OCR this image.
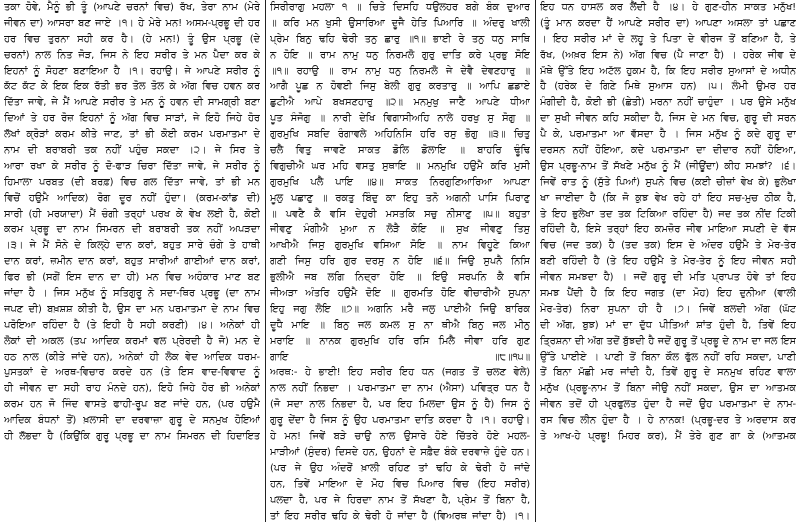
ਤਕਾ ਹੋਵੇ, ਮੈਨੂੰ ਭੀ ਤੂੰ (ਆਪਣੇ ਚਰਨਾਂ ਵਿਚ) ਰੱਖ, ਤੇਰਾ ਨਾਮ (ਮੇਰੇ
ਜੀਵਨ ਦਾ) ਆਸਰਾ ਬਣ ਜਾਏ ।੧। ਹੇ ਮੇਰੇ ਮਨ! ਅਸਮ-ਪ੍ਰਭੂ ਦੀ ਹਰ
ਹਰ ਵਿਚ ਤੁਰਨਾ ਸਹੀ ਕਰ ਹੈ। (ਹੇ ਮਨ!) ਤੂੰ ਉਸ ਪ੍ਰਭੂ (ਦੇ
ਚਰਨਾਂ) ਨਾਲ ਨਿਤ ਜੋੜ, ਜਿਸ ਨੇ ਇਹ ਸਰੀਰ ਤੇ ਮਨ ਪੈਦਾ ਕਰ ਕੇ
ਇਹਨਾਂ ਨੂੰ ਸੋਹਣਾ ਬਣਾਇਆ ਹੈ ।੧। ਰਹਾਉ। ਜੇ ਆਪਣੇ ਸਰੀਰ ਨੂੰ
ਕੱਟ ਕੱਟ ਕੇ ਇਕ ਇਕ ਰੱਤੀ ਭਰ ਤੋਲ ਤੋਲ ਕੇ ਅੱਗ ਵਿਚ ਹਵਨ ਕਰ
ਦਿੱਤਾ ਜਾਵੇ, ਜੇ ਮੈਂ ਆਪਣੇ ਸਰੀਰ ਤੇ ਮਨ ਨੂੰ ਹਵਨ ਦੀ ਸਾਮਗ੍ਰੀ ਬਣਾ
ਦਿਆਂ ਤੇ ਹਰ ਰੋਜ਼ ਇਹਨਾਂ ਨੂੰ ਅੱਗ ਵਿਚ ਸਾੜਾਂ, ਜੇ ਇਹੋ ਜਿਹੇ ਹੋਰ
ਲੱਖਾਂ ਕ੍ਰੋੜਾਂ ਕਰਮ ਕੀਤੇ ਜਾਣ, ਤਾਂ ਭੀ ਕੋਈ ਕਰਮ ਪਰਮਾਤਮਾ ਦੇ
ਨਾਮ ਦੀ ਬਰਾਬਰੀ ਤਕ ਨਹੀਂ ਪਹੁੰਚ ਸਕਦਾ ।੨। ਜੇ ਸਿਰ ਤੇ
ਆਰਾ ਰਖਾ ਕੇ ਸਰੀਰ ਨੂੰ ਦੋ-ਫਾੜ ਚਿਰਾ ਦਿੱਤਾ ਜਾਵੇ, ਜੇ ਸਰੀਰ ਨੂੰ
ਹਿਮਾਲਾ ਪਰਬਤ (ਦੀ ਬਰਫ਼) ਵਿਚ ਗਲ ਦਿੱਤਾ ਜਾਵੇ, ਤਾਂ ਭੀ ਮਨ
ਵਿਚੋਂ ਹਉਮੈ ਆਦਿਕ) ਰੋਗ ਦੂਰ ਨਹੀਂ ਹੁੰਦਾ। (ਕਰਮ-ਕਾਂਡ ਦੀ)
ਸਾਰੀ (ਹੀ ਮਰਯਾਦਾ) ਮੈਂ ਚੰਗੀ ਤਰ੍ਹਾਂ ਪਰਖ ਕੇ ਵੇਖ ਲਈ ਹੈ, ਕੋਈ
ਕਰਮ ਪ੍ਰਭੂ ਦਾ ਨਾਮ ਸਿਮਰਨ ਦੀ ਬਰਾਬਰੀ ਤਕ ਨਹੀਂ ਅਪੜਦਾ
।੩। ਜੇ ਮੈਂ ਸੋਨੇ ਦੇ ਕਿਲ੍ਹੇ ਦਾਨ ਕਰਾਂ, ਬਹੁਤ ਸਾਰੇ ਚੰਗੇ ਤੇ ਹਾਥੀ
ਦਾਨ ਕਰਾਂ, ਜ਼ਮੀਨ ਦਾਨ ਕਰਾਂ, ਬਹੁਤ ਸਾਰੀਆਂ ਗਾਈਆਂ ਦਾਨ ਕਰਾਂ,
ਫਿਰ ਭੀ (ਸਗੋਂ ਇਸ ਦਾਨ ਦਾ ਹੀ) ਮਨ ਵਿਚ ਅਹੰਕਾਰ ਮਾਣ ਬਣ
ਜਾਂਦਾ ਹੈ । ਜਿਸ ਮਨੁੱਖ ਨੂੰ ਸਤਿਗੁਰੂ ਨੇ ਸਦਾ-ਥਿਰ ਪ੍ਰਭੂ (ਦਾ ਨਾਮ
ਜਪਣ ਦੀ) ਬਖ਼ਸ਼ਸ਼ ਕੀਤੀ ਹੈ, ਉਸ ਦਾ ਮਨ ਪਰਮਾਤਮਾ ਦੇ ਨਾਮ ਵਿਚ
ਪਰੋਇਆ ਰਹਿੰਦਾ ਹੈ (ਤੇ ਇਹੀ ਹੈ ਸਹੀ ਕਰਣੀ) ।੪। ਅਨੇਕਾਂ ਹੀ
ਲੋਕਾਂ ਦੀ ਅਕਲ (ਤਪ ਆਦਿਕ ਕਰਮਾਂ ਵਲ ਪ੍ਰੇਰਦੀ ਹੈ ਜੋ) ਮਨ ਦੇ
ਹਠ ਨਾਲ (ਕੀਤੇ ਜਾਂਦੇ ਹਨ), ਅਨੇਕਾਂ ਹੀ ਲੋਕ ਵੇਦ ਆਦਿਕ ਧਰਮ-
ਪੁਸਤਕਾਂ ਦੇ ਅਰਥ-ਵਿਚਾਰ ਕਰਦੇ ਹਨ (ਤੇ ਇਸ ਵਾਦ-ਵਿਵਾਦ ਨੂੰ
ਹੀ ਜੀਵਨ ਦਾ ਸਹੀ ਰਾਹ ਮੰਨਦੇ ਹਨ), ਇਹੋ ਜਿਹੇ ਹੋਰ ਭੀ ਅਨੇਕਾਂ
ਕਰਮ ਹਨ ਜੋ ਜਿੰਦ ਵਾਸਤੇ ਫਾਹੀ-ਰੂਪ ਬਣ ਜਾਂਦੇ ਹਨ, (ਪਰ ਹਉਮੈ
ਆਦਿਕ ਬੰਧਨਾਂ ਤੋਂ) ਖ਼ਲਾਸੀ ਦਾ ਦਰਵਾਜ਼ਾ ਗੁਰੂ ਦੇ ਸਨਮੁਖ ਹੋਇਆਂ
ਹੀ ਲੱਭਦਾ ਹੈ (ਕਿਉਂਕਿ ਗੁਰੂ ਪ੍ਰਭੂ ਦਾ ਨਾਮ ਸਿਮਰਨ ਦੀ ਹਿਦਾਇਤ
ਸਿਰੀਰਾਗੁ ਮਹਲਾ ੧ ॥ ਚਿਤੇ ਦਿਸਹਿ ਧਉਲਹਰ ਬਗੇ ਬੰਕ ਦੁਆਰ
॥ ਕਰਿ ਮਨ ਖੁਸੀ ਉਸਾਰਿਆ ਦੂਜੈ ਹੇਤਿ ਪਿਆਰਿ ॥ ਅੰਦਰੁ ਖਾਲੀ
ਪ੍ਰੇਮ ਬਿਨੁ ਢਹਿ ਢੇਰੀ ਤਨੁ ਛਾਰੁ ॥੧॥ ਭਾਈ ਰੇ ਤਨੁ ਧਨੁ ਸਾਥਿ
ਨ ਹੋਇ ॥ ਰਾਮ ਨਾਮੁ ਧਨੁ ਨਿਰਮਲੋ ਗੁਰੁ ਦਾਤਿ ਕਰੇ ਪ੍ਰਭੁ ਸੋਇ
॥੧॥ ਰਹਾਉ ॥ ਰਾਮ ਨਾਮੁ ਧਨੁ ਨਿਰਮਲੋ ਜੇ ਦੇਵੈ ਦੇਵਣਹਾਰੁ ॥
ਆਗੈ ਪੂਛ ਨ ਹੋਵਈ ਜਿਸੁ ਬੇਲੀ ਗੁਰੁ ਕਰਤਾਰੁ ॥ ਆਪਿ ਛਡਾਏ
ਛੁਟੀਐ ਆਪੇ ਬਖਸਣਹਾਰੁ ॥੨॥ ਮਨਮੁਖੁ ਜਾਣੈ ਆਪਣੇ ਧੀਆ
ਪੂਤ ਸੰਜੋਗੁ ॥ ਨਾਰੀ ਦੇਖਿ ਵਿਗਾਸੀਅਹਿ ਨਾਲੇ ਹਰਖੁ ਸੁ ਸੋਗੁ ॥
ਗੁਰਮੁਖਿ ਸਬਦਿ ਰੰਗਾਵਲੇ ਅਹਿਨਿਸਿ ਹਰਿ ਰਸੁ ਭੋਗੁ ॥੩॥ ਚਿਤੁ
ਚਲੈ ਵਿਤੁ ਜਾਵਣੋ ਸਾਕਤ ਡੋਲਿ ਡੋਲਾਇ ॥ ਬਾਹਰਿ ਢੂੰਢਿ
ਵਿਗੁਚੀਐ ਘਰ ਮਹਿ ਵਸਤੁ ਸੁਥਾਇ ॥ ਮਨਮੁਖਿ ਹਉਮੈ ਕਰਿ ਮੁਸੀ
ਗੁਰਮੁਖਿ ਪਲੈ ਪਾਇ ॥੪॥ ਸਾਕਤ ਨਿਰਗੁਣਿਆਰਿਆ ਆਪਣਾ
ਮੂਲੁ ਪਛਾਣੁ ॥ ਰਕਤੁ ਬਿੰਦੁ ਕਾ ਇਹੁ ਤਨੋ ਅਗਨੀ ਪਾਸਿ ਪਿਰਾਣੁ
॥ ਪਵਣੈ ਕੈ ਵਸਿ ਦੇਹੁਰੀ ਮਸਤਕਿ ਸਚੁ ਨੀਸਾਣੁ ॥੫॥ ਬਹੁਤਾ
ਜੀਵਣੁ ਮੰਗੀਐ ਮੁਆ ਨ ਲੋੜੈ ਕੋਇ ॥ ਸੁਖ ਜੀਵਣੁ ਤਿਸੁ
ਆਖੀਐ ਜਿਸੁ ਗੁਰਮੁਖਿ ਵਸਿਆ ਸੋਇ ॥ ਨਾਮ ਵਿਹੂਣੇ ਕਿਆ
ਗਣੀ ਜਿਸੁ ਹਰਿ ਗੁਰ ਦਰਸੁ ਨ ਹੋਇ ॥੬॥ ਜਿਉ ਸੁਪਨੈ ਨਿਸਿ
ਭੁਲੀਐ ਜਬ ਲਗਿ ਨਿਦ੍ਰਾ ਹੋਇ ॥ ਇਉ ਸਰਪਨਿ ਕੈ ਵਸਿ
ਜੀਅੜਾ ਅੰਤਰਿ ਹਉਮੈ ਦੋਇ ॥ ਗੁਰਮਤਿ ਹੋਇ ਵੀਚਾਰੀਐ ਸੁਪਨਾ
ਇਹੁ ਜਗੁ ਲੋਇ ॥੭॥ ਅਗਨਿ ਮਰੈ ਜਲੁ ਪਾਈਐ ਜਿਉ ਬਾਰਿਕ
ਦੂਧੈ ਮਾਇ ॥ ਬਿਨੁ ਜਲ ਕਮਲ ਸੁ ਨਾ ਥੀਐ ਬਿਨੁ ਜਲ ਮੀਨੁ
ਮਰਾਇ ॥ ਨਾਨਕ ਗੁਰਮੁਖਿ ਹਰਿ ਰਸਿ ਮਿਲੈ ਜੀਵਾ ਹਰਿ ਗੁਣ
ਗਾਇ ॥੮॥੧੫॥
ਅਰਥ:- ਹੇ ਭਾਈ! ਇਹ ਸਰੀਰ ਇਹ ਧਨ (ਜਗਤ ਤੋਂ ਚਲਣ ਵੇਲੇ)
ਨਾਲ ਨਹੀਂ ਨਿਭਦਾ । ਪਰਮਾਤਮਾ ਦਾ ਨਾਮ (ਐਸਾ) ਪਵਿਤ੍ਰ ਧਨ ਹੈ
(ਜੋ ਸਦਾ ਨਾਲ ਨਿਭਦਾ ਹੈ, ਪਰ ਇਹ ਮਿਲਦਾ ਉਸ ਨੂੰ ਹੈ) ਜਿਸ ਨੂੰ
ਗੁਰੂ ਦੇਂਦਾ ਹੈ ਜਿਸ ਨੂੰ ਉਹ ਪਰਮਾਤਮਾ ਦਾਤਿ ਕਰਦਾ ਹੈ ।੧। ਰਹਾਉ।
ਹੇ ਮਨ! ਜਿਵੇਂ ਬੜੇ ਚਾਉ ਨਾਲ ਉਸਾਰੇ ਹੋਏ ਚਿੱਤਰੇ ਹੋਏ ਮਹਲ-
ਮਾੜੀਆਂ (ਸੁੰਦਰ) ਦਿਸਦੇ ਹਨ, ਉਹਨਾਂ ਦੇ ਸਫ਼ੈਦ ਬੰਕੇ ਦਰਵਾਜ਼ੇ ਹੁੰਦੇ ਹਨ।
(ਪਰ ਜੇ ਉਹ ਅੰਦਰੋਂ ਖ਼ਾਲੀ ਰਹਿਣ ਤਾਂ ਢਹਿ ਕੇ ਢੇਰੀ ਹੋ ਜਾਂਦੇ
ਹਨ, ਤਿਵੇਂ ਮਾਇਆ ਦੇ ਮੋਹ ਵਿਚ ਪਿਆਰ ਵਿਚ (ਇਹ ਸਰੀਰ)
ਪਲਦਾ ਹੈ, ਪਰ ਜੇ ਹਿਰਦਾ ਨਾਮ ਤੋਂ ਸੱਖਣਾ ਹੈ, ਪ੍ਰੇਮ ਤੋਂ ਬਿਨਾ ਹੈ,
ਤਾਂ ਇਹ ਸਰੀਰ ਢਹਿ ਕੇ ਢੇਰੀ ਹੋ ਜਾਂਦਾ ਹੈ (ਵਿਅਰਥ ਜਾਂਦਾ ਹੈ) ।੧।
ਇਹ ਧਨ ਹਾਸਲ ਕਰ ਲੈਂਦੀ ਹੈ ।੪। ਹੇ ਗੁਣ-ਹੀਨ ਸਾਕਤ ਮਨੁੱਖ!
(ਤੂੰ ਮਾਨ ਕਰਦਾ ਹੈਂ ਆਪਣੇ ਸਰੀਰ ਦਾ) ਆਪਣਾ ਅਸਲਾ ਤਾਂ ਪਛਾਣ
। ਇਹ ਸਰੀਰ ਮਾਂ ਦੇ ਲਹੂ ਤੇ ਪਿਤਾ ਦੇ ਵੀਰਜ ਤੋਂ ਬਣਿਆ ਹੈ, ਤੇ
ਰੱਖ, (ਅਖ਼ਰ ਇਸ ਨੇ) ਅੱਗ ਵਿਚ (ਪੈ ਜਾਣਾ ਹੈ) । ਹਰੇਕ ਜੀਵ ਦੇ
ਮੱਥੇ ਉੱਤੇ ਇਹ ਅਟੱਲ ਹੁਕਮ ਹੈ, ਕਿ ਇਹ ਸਰੀਰ ਸੁਆਸਾਂ ਦੇ ਅਧੀਨ
ਹੈ (ਹਰੇਕ ਦੇ ਗਿਣੇ ਮਿਥੇ ਸੁਆਸ ਹਨ) ।੫। ਲੰਮੀ ਉਮਰ ਹਰ
ਮੰਗੀਦੀ ਹੈ, ਕੋਈ ਭੀ (ਛੇਤੀ) ਮਰਨਾ ਨਹੀਂ ਚਾਹੁੰਦਾ । ਪਰ ਉਸੇ ਮਨੁੱਖ
ਦਾ ਸੁਖੀ ਜੀਵਨ ਕਹਿ ਸਕੀਦਾ ਹੈ, ਜਿਸ ਦੇ ਮਨ ਵਿਚ, ਗੁਰੂ ਦੀ ਸਰਨ
ਪੈ ਕੇ, ਪਰਮਾਤਮਾ ਆ ਵੱਸਦਾ ਹੈ । ਜਿਸ ਮਨੁੱਖ ਨੂੰ ਕਦੇ ਗੁਰੂ ਦਾ
ਦਰਸਨ ਨਹੀਂ ਹੋਇਆ, ਕਦੇ ਪਰਮਾਤਮਾ ਦਾ ਦੀਦਾਰ ਨਹੀਂ ਹੋਇਆ,
ਉਸ ਪ੍ਰਭੂ-ਨਾਮ ਤੋਂ ਸੱਖਣੇ ਮਨੁੱਖ ਨੂੰ ਮੈਂ (ਜੀਊਂਦਾ) ਕੀਹ ਸਮਝਾਂ? ।੬।
ਜਿਵੇਂ ਰਾਤ ਨੂੰ (ਸੁੱਤੇ ਪਿਆਂ) ਸੁਪਨੇ ਵਿਚ (ਕਈ ਚੀਜ਼ਾਂ ਵੇਖ ਕੇ) ਭੁਲੇਖਾ
ਖਾ ਜਾਈਦਾ ਹੈ (ਕਿ ਜੋ ਕੁਝ ਵੇਖ ਰਹੇ ਹਾਂ ਇਹ ਸਚ-ਮੁਚ ਠੀਕ ਹੈ,
ਤੇ ਇਹ ਭੁਲੇਖਾ ਤਦ ਤਕ ਟਿਕਿਆ ਰਹਿੰਦਾ ਹੈ) ਜਦ ਤਕ ਨੀਂਦ ਟਿਕੀ
ਰਹਿੰਦੀ ਹੈ, ਇਸੇ ਤਰ੍ਹਾਂ ਇਹ ਕਮਜ਼ੋਰ ਜੀਵ ਮਾਇਆ ਸਪਣੀ ਦੇ ਵੱਸ
ਵਿਚ (ਜਦ ਤਕ) ਹੈ (ਤਦ ਤਕ) ਇਸ ਦੇ ਅੰਦਰ ਹਉਮੈ ਤੇ ਮੇਰ-ਤੇਰ
ਬਣੀ ਰਹਿੰਦੀ ਹੈ (ਤੇ ਇਹ ਹਉਮੈ ਤੇ ਮੇਰ-ਤੇਰ ਨੂੰ ਇਹ ਜੀਵਨ ਸਹੀ
ਜੀਵਨ ਸਮਝਦਾ ਹੈ) । ਜਦੋਂ ਗੁਰੂ ਦੀ ਮਤਿ ਪ੍ਰਾਪਤ ਹੋਵੇ ਤਾਂ ਇਹ
ਸਮਝ ਪੈਂਦੀ ਹੈ ਕਿ ਇਹ ਜਗਤ (ਦਾ ਮੋਹ) ਇਹ ਦੁਨੀਆ (ਵਾਲੀ
ਮੇਰ-ਤੇਰ) ਨਿਰਾ ਸੁਪਨਾ ਹੀ ਹੈ ।੭। ਜਿਵੇਂ ਬਲਦੀ ਅੱਗ (ਘੱਟ
ਦੀ ਅੱਗ, ਬੁਝ) ਮਾਂ ਦਾ ਦੁੱਧ ਪੀਤਿਆਂ ਸ਼ਾਂਤ ਹੁੰਦੀ ਹੈ, ਤਿਵੇਂ ਇਹ
ਤ੍ਰਿਸ਼ਨਾ ਦੀ ਅੱਗ ਤਦੋਂ ਬੁੱਝਦੀ ਹੈ ਜਦੋਂ ਗੁਰੂ ਤੋਂ ਪ੍ਰਭੂ ਦੇ ਨਾਮ ਦਾ ਜਲ ਇਸ
ਉੱਤੇ ਪਾਈਏ । ਪਾਣੀ ਤੋਂ ਬਿਨਾ ਕੌਲ ਫੁੱਲ ਨਹੀਂ ਰਹਿ ਸਕਦਾ, ਪਾਣੀ
ਤੋਂ ਬਿਨਾ ਮੱਛੀ ਮਰ ਜਾਂਦੀ ਹੈ, ਤਿਵੇਂ ਗੁਰੂ ਦੇ ਸਨਮੁਖ ਰਹਿਣ ਵਾਲਾ
ਮਨੁੱਖ (ਪ੍ਰਭੂ-ਨਾਮ ਤੋਂ ਬਿਨਾ ਜੀਉ ਨਹੀਂ ਸਕਦਾ, ਉਸ ਦਾ ਆਤਮਕ
ਜੀਵਨ ਤਦੋਂ ਹੀ ਪ੍ਰਫੁਲਤ ਹੁੰਦਾ ਹੈ ਜਦੋਂ ਉਹ ਪਰਮਾਤਮਾ ਦੇ ਨਾਮ-
ਰਸ ਵਿਚ ਲੀਨ ਹੁੰਦਾ ਹੈ । ਹੇ ਨਾਨਕ! (ਪ੍ਰਭੂ-ਦਰ ਤੇ ਅਰਦਾਸ ਕਰ
ਤੇ ਆਖ-ਹੇ ਪ੍ਰਭੂ! ਮਿਹਰ ਕਰ), ਮੈਂ ਤੇਰੇ ਗੁਣ ਗਾ ਕੇ (ਆਤਮਕ
